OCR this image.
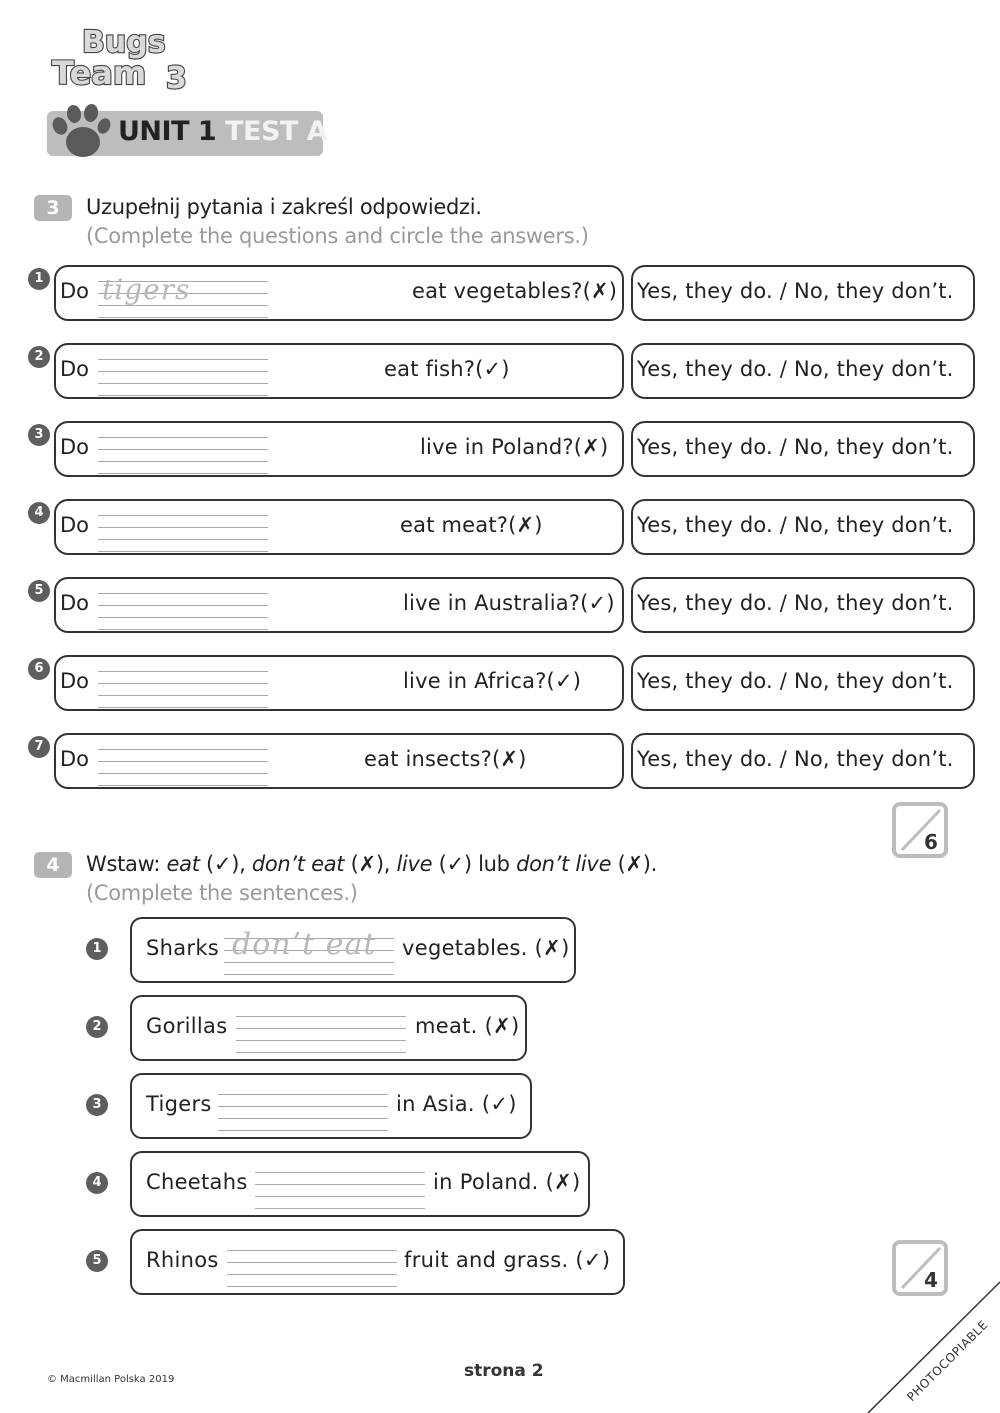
Bugs
Team 3
UNIT 1 TEST A
3	Uzupełnij pytania i zakreśl odpowiedzi.
(Complete the questions and circle the answers.)
1
Do tigers	eat vegetables?(✗) Yes, they do. / No, they don’t.
2
Do	eat fish?(✓)	Yes, they do. / No, they don’t.
3
Do	live in Poland?(✗) Yes, they do. / No, they don’t.
4
Do	eat meat?(✗)	Yes, they do. / No, they don’t.
5
Do	live in Australia?(✓) Yes, they do. / No, they don’t.
6
Do	live in Africa?(✓)	Yes, they do. / No, they don’t.
7
Do	eat insects?(✗)	Yes, they do. / No, they don’t.
6
4	Wstaw: eat (✓), don’t eat (✗), live (✓) lub don’t live (✗).
(Complete the sentences.)
1	Sharks don’t eat vegetables. (✗)
2	Gorillas	meat. (✗)
3	Tigers	in Asia. (✓)
4	Cheetahs	in Poland. (✗)
5	Rhinos	fruit and grass. (✓)
4
© Macmillan Polska 2019	strona 2	PHOTOCOPIABLE
